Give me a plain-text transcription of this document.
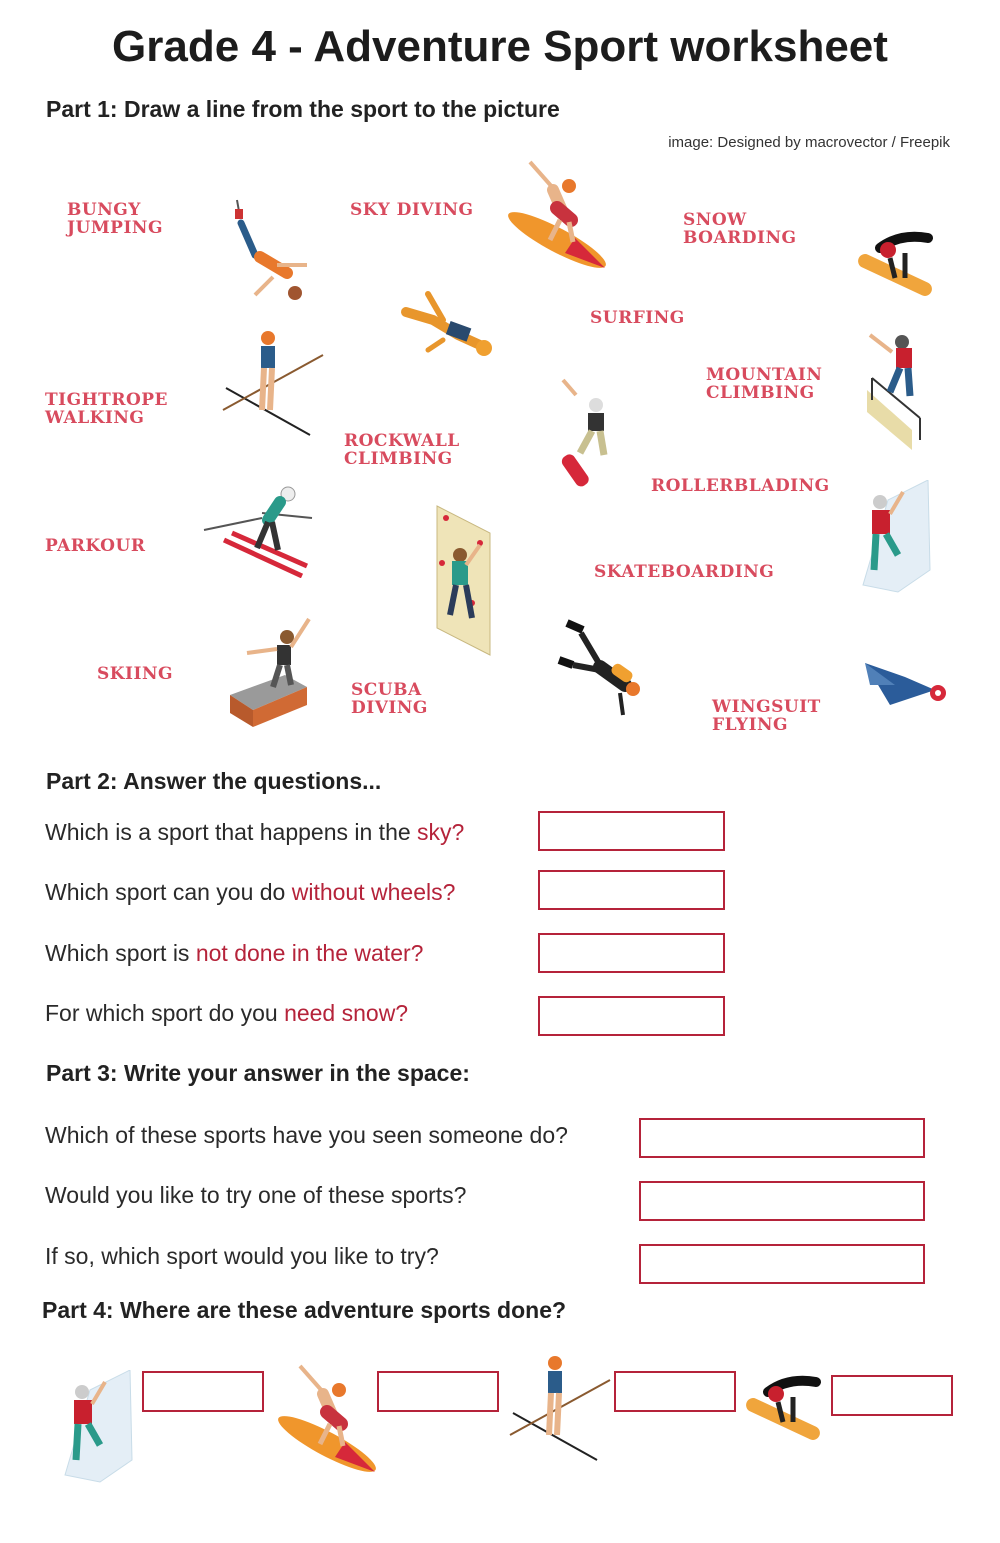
Grade 4 - Adventure Sport worksheet
Part 1: Draw a line from the sport to the picture
image: Designed by macrovector / Freepik
BUNGY
JUMPING
SKY DIVING	SNOW
BOARDING
SURFING
MOUNTAIN
CLIMBING
TIGHTROPE
WALKING
ROCKWALL
CLIMBING
ROLLERBLADING
PARKOUR
SKATEBOARDING
SKIING
SCUBA
DIVING	WINGSUIT
FLYING
Part 2: Answer the questions...
Which is a sport that happens in the sky?
Which sport can you do without wheels?
Which sport is not done in the water?
For which sport do you need snow?
Part 3: Write your answer in the space:
Which of these sports have you seen someone do?
Would you like to try one of these sports?
If so, which sport would you like to try?
Part 4: Where are these adventure sports done?
